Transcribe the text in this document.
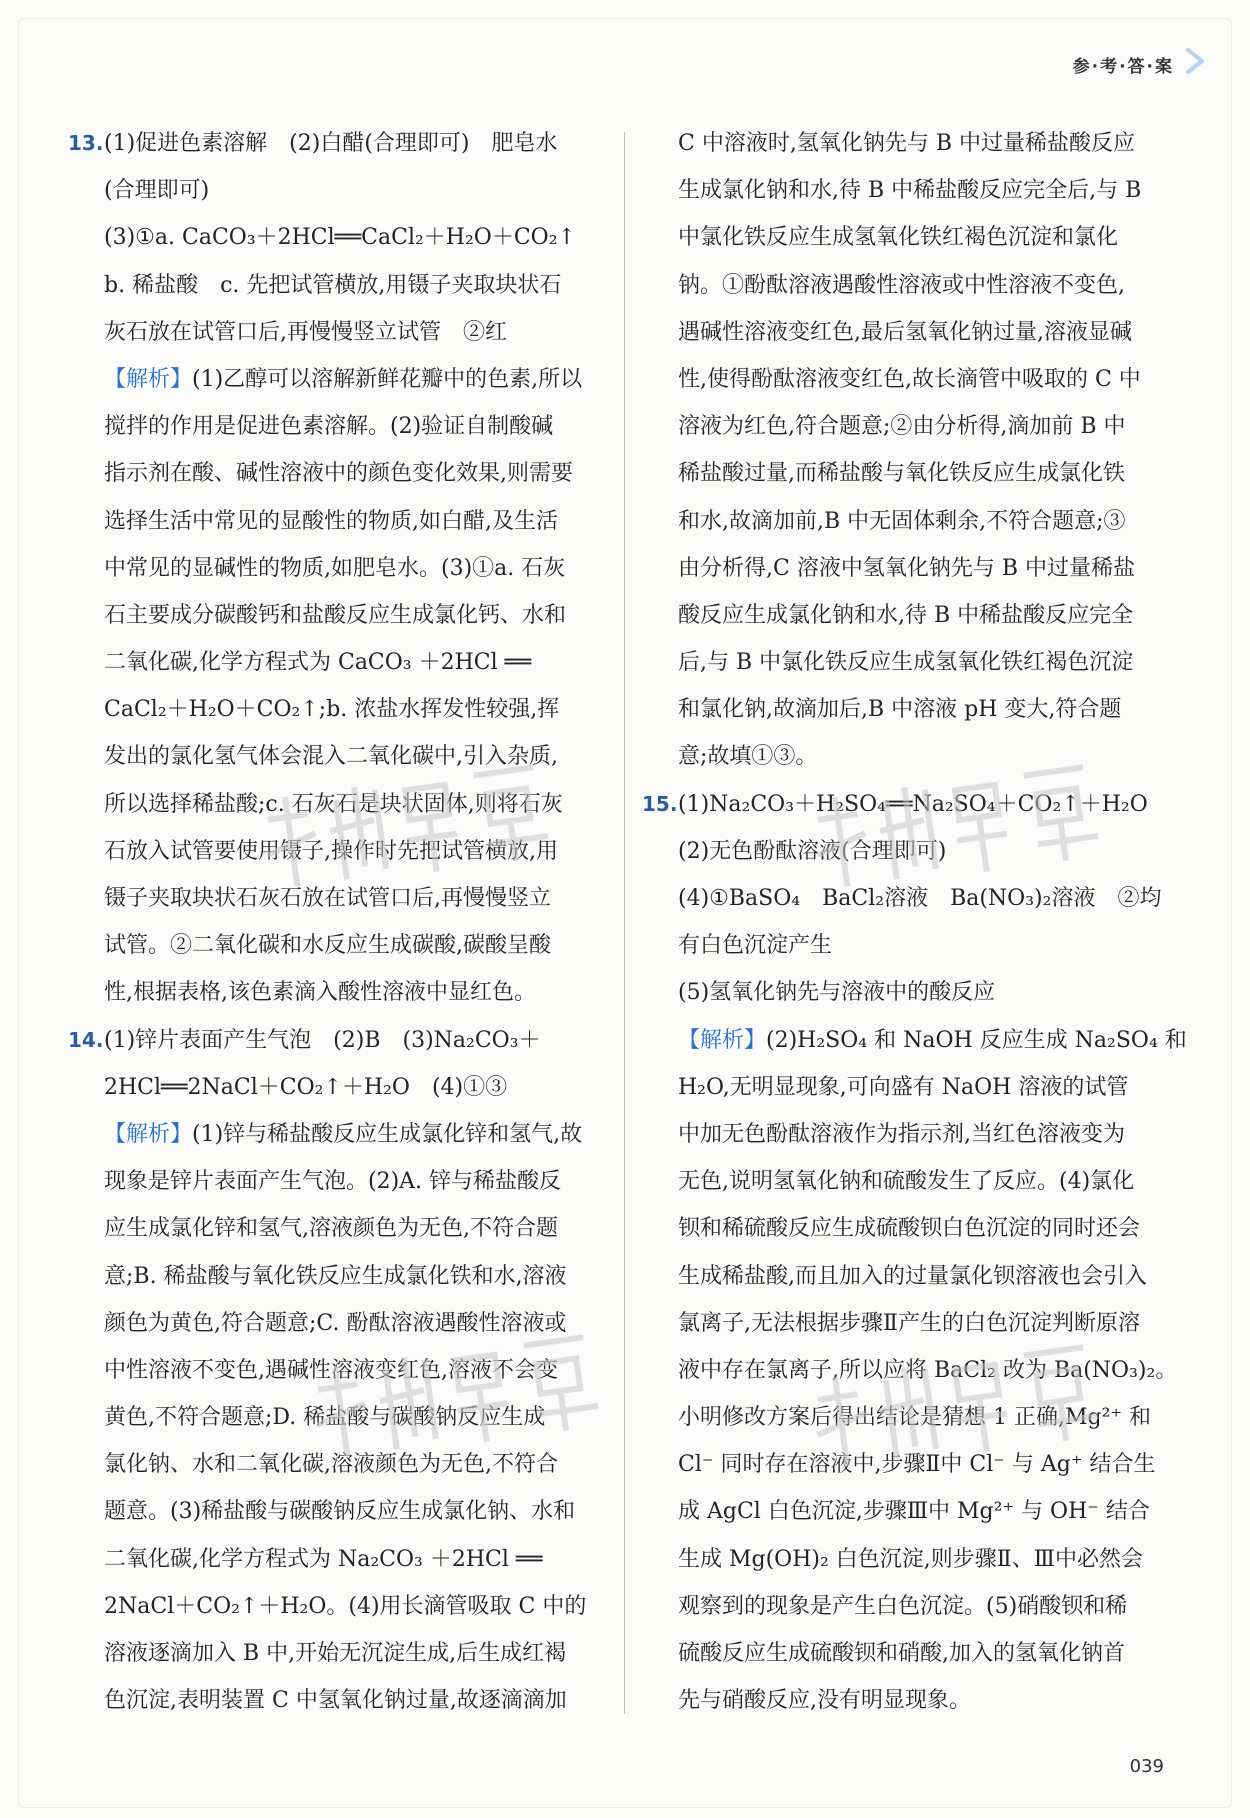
参·考·答·案
13. (1)促进色素溶解　(2)白醋(合理即可)　肥皂水
(合理即可)
(3)①a. CaCO₃＋2HCl══CaCl₂＋H₂O＋CO₂↑
b. 稀盐酸　c. 先把试管横放,用镊子夹取块状石
灰石放在试管口后,再慢慢竖立试管　②红
【解析】(1)乙醇可以溶解新鲜花瓣中的色素,所以
搅拌的作用是促进色素溶解。(2)验证自制酸碱
指示剂在酸、碱性溶液中的颜色变化效果,则需要
选择生活中常见的显酸性的物质,如白醋,及生活
中常见的显碱性的物质,如肥皂水。(3)①a. 石灰
石主要成分碳酸钙和盐酸反应生成氯化钙、水和
二氧化碳,化学方程式为 CaCO₃ ＋2HCl ══
CaCl₂＋H₂O＋CO₂↑;b. 浓盐水挥发性较强,挥
发出的氯化氢气体会混入二氧化碳中,引入杂质,
所以选择稀盐酸;c. 石灰石是块状固体,则将石灰
石放入试管要使用镊子,操作时先把试管横放,用
镊子夹取块状石灰石放在试管口后,再慢慢竖立
试管。②二氧化碳和水反应生成碳酸,碳酸呈酸
性,根据表格,该色素滴入酸性溶液中显红色。
14. (1)锌片表面产生气泡　(2)B　(3)Na₂CO₃＋
2HCl══2NaCl＋CO₂↑＋H₂O　(4)①③
【解析】(1)锌与稀盐酸反应生成氯化锌和氢气,故
现象是锌片表面产生气泡。(2)A. 锌与稀盐酸反
应生成氯化锌和氢气,溶液颜色为无色,不符合题
意;B. 稀盐酸与氧化铁反应生成氯化铁和水,溶液
颜色为黄色,符合题意;C. 酚酞溶液遇酸性溶液或
中性溶液不变色,遇碱性溶液变红色,溶液不会变
黄色,不符合题意;D. 稀盐酸与碳酸钠反应生成
氯化钠、水和二氧化碳,溶液颜色为无色,不符合
题意。(3)稀盐酸与碳酸钠反应生成氯化钠、水和
二氧化碳,化学方程式为 Na₂CO₃ ＋2HCl ══
2NaCl＋CO₂↑＋H₂O。(4)用长滴管吸取 C 中的
溶液逐滴加入 B 中,开始无沉淀生成,后生成红褐
色沉淀,表明装置 C 中氢氧化钠过量,故逐滴滴加
C 中溶液时,氢氧化钠先与 B 中过量稀盐酸反应
生成氯化钠和水,待 B 中稀盐酸反应完全后,与 B
中氯化铁反应生成氢氧化铁红褐色沉淀和氯化
钠。①酚酞溶液遇酸性溶液或中性溶液不变色,
遇碱性溶液变红色,最后氢氧化钠过量,溶液显碱
性,使得酚酞溶液变红色,故长滴管中吸取的 C 中
溶液为红色,符合题意;②由分析得,滴加前 B 中
稀盐酸过量,而稀盐酸与氧化铁反应生成氯化铁
和水,故滴加前,B 中无固体剩余,不符合题意;③
由分析得,C 溶液中氢氧化钠先与 B 中过量稀盐
酸反应生成氯化钠和水,待 B 中稀盐酸反应完全
后,与 B 中氯化铁反应生成氢氧化铁红褐色沉淀
和氯化钠,故滴加后,B 中溶液 pH 变大,符合题
意;故填①③。
15. (1)Na₂CO₃＋H₂SO₄══Na₂SO₄＋CO₂↑＋H₂O
(2)无色酚酞溶液(合理即可)
(4)①BaSO₄　BaCl₂溶液　Ba(NO₃)₂溶液　②均
有白色沉淀产生
(5)氢氧化钠先与溶液中的酸反应
【解析】(2)H₂SO₄ 和 NaOH 反应生成 Na₂SO₄ 和
H₂O,无明显现象,可向盛有 NaOH 溶液的试管
中加无色酚酞溶液作为指示剂,当红色溶液变为
无色,说明氢氧化钠和硫酸发生了反应。(4)氯化
钡和稀硫酸反应生成硫酸钡白色沉淀的同时还会
生成稀盐酸,而且加入的过量氯化钡溶液也会引入
氯离子,无法根据步骤Ⅱ产生的白色沉淀判断原溶
液中存在氯离子,所以应将 BaCl₂ 改为 Ba(NO₃)₂。
小明修改方案后得出结论是猜想 1 正确,Mg²⁺ 和
Cl⁻ 同时存在溶液中,步骤Ⅱ中 Cl⁻ 与 Ag⁺ 结合生
成 AgCl 白色沉淀,步骤Ⅲ中 Mg²⁺ 与 OH⁻ 结合
生成 Mg(OH)₂ 白色沉淀,则步骤Ⅱ、Ⅲ中必然会
观察到的现象是产生白色沉淀。(5)硝酸钡和稀
硫酸反应生成硫酸钡和硝酸,加入的氢氧化钠首
先与硝酸反应,没有明显现象。
039
